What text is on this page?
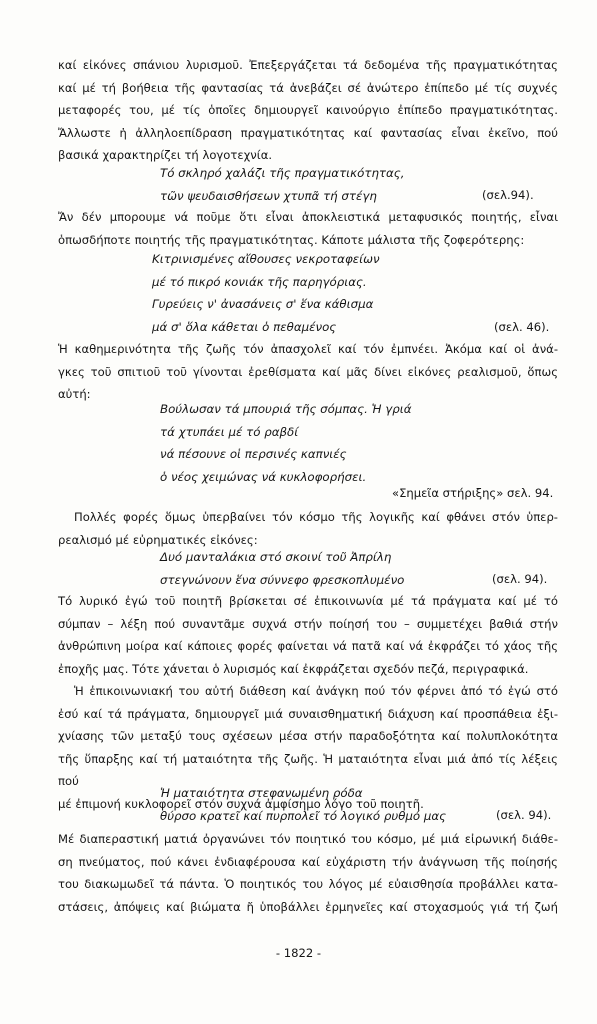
καί εἰκόνες σπάνιου λυρισμοῦ. Ἐπεξεργάζεται τά δεδομένα τῆς πραγματικότητας
καί μέ τή βοήθεια τῆς φαντασίας τά ἀνεβάζει σέ ἀνώτερο ἐπίπεδο μέ τίς συχνές
μεταφορές του, μέ τίς ὁποῖες δημιουργεῖ καινούργιο ἐπίπεδο πραγματικότητας.
Ἄλλωστε ἡ ἀλληλοεπίδραση πραγματικότητας καί φαντασίας εἶναι ἐκεῖνο, πού
βασικά χαρακτηρίζει τή λογοτεχνία.
Τό σκληρό χαλάζι τῆς πραγματικότητας,
τῶν ψευδαισθήσεων χτυπᾶ τή στέγη	(σελ.94).
Ἄν δέν μπορουμε νά ποῦμε ὅτι εἶναι ἀποκλειστικά μεταφυσικός ποιητής, εἶναι
ὁπωσδήποτε ποιητής τῆς πραγματικότητας. Κάποτε μάλιστα τῆς ζοφερότερης:
Κιτρινισμένες αἴθουσες νεκροταφείων
μέ τό πικρό κονιάκ τῆς παρηγόριας.
Γυρεύεις ν' ἀνασάνεις σ' ἕνα κάθισμα
μά σ' ὅλα κάθεται ὁ πεθαμένος	(σελ. 46).
Ἡ καθημερινότητα τῆς ζωῆς τόν ἀπασχολεῖ καί τόν ἐμπνέει. Ἀκόμα καί οἱ ἀνά-
γκες τοῦ σπιτιοῦ τοῦ γίνονται ἐρεθίσματα καί μᾶς δίνει εἰκόνες ρεαλισμοῦ, ὅπως
αὐτή:
Βούλωσαν τά μπουριά τῆς σόμπας. Ἡ γριά
τά χτυπάει μέ τό ραβδί
νά πέσουνε οἱ περσινές καπνιές
ὁ νέος χειμώνας νά κυκλοφορήσει.
«Σημεῖα στήριξης» σελ. 94.
Πολλές φορές ὅμως ὑπερβαίνει τόν κόσμο τῆς λογικῆς καί φθάνει στόν ὑπερ-
ρεαλισμό μέ εὐρηματικές εἰκόνες:
Δυό μανταλάκια στό σκοινί τοῦ Ἀπρίλη
στεγνώνουν ἕνα σύννεφο φρεσκοπλυμένο	(σελ. 94).
Τό λυρικό ἐγώ τοῦ ποιητῆ βρίσκεται σέ ἐπικοινωνία μέ τά πράγματα καί μέ τό
σύμπαν – λέξη πού συναντᾶμε συχνά στήν ποίησή του – συμμετέχει βαθιά στήν
ἀνθρώπινη μοίρα καί κάποιες φορές φαίνεται νά πατᾶ καί νά ἐκφράζει τό χάος τῆς
ἐποχῆς μας. Τότε χάνεται ὁ λυρισμός καί ἐκφράζεται σχεδόν πεζά, περιγραφικά.
Ἡ ἐπικοινωνιακή του αὐτή διάθεση καί ἀνάγκη πού τόν φέρνει ἀπό τό ἐγώ στό
ἐσύ καί τά πράγματα, δημιουργεῖ μιά συναισθηματική διάχυση καί προσπάθεια ἐξι-
χνίασης τῶν μεταξύ τους σχέσεων μέσα στήν παραδοξότητα καί πολυπλοκότητα
τῆς ὕπαρξης καί τή ματαιότητα τῆς ζωῆς. Ἡ ματαιότητα εἶναι μιά ἀπό τίς λέξεις πού
μέ ἐπιμονή κυκλοφορεῖ στόν συχνά ἀμφίσημο λόγο τοῦ ποιητῆ.
Ἡ ματαιότητα στεφανωμένη ρόδα
θύρσο κρατεῖ καί πυρπολεῖ τό λογικό ρυθμό μας	(σελ. 94).
Μέ διαπεραστική ματιά ὀργανώνει τόν ποιητικό του κόσμο, μέ μιά εἰρωνική διάθε-
ση πνεύματος, πού κάνει ἐνδιαφέρουσα καί εὐχάριστη τήν ἀνάγνωση τῆς ποίησής
του διακωμωδεῖ τά πάντα. Ὁ ποιητικός του λόγος μέ εὐαισθησία προβάλλει κατα-
στάσεις, ἀπόψεις καί βιώματα ἤ ὑποβάλλει ἑρμηνεῖες καί στοχασμούς γιά τή ζωή
- 1822 -
